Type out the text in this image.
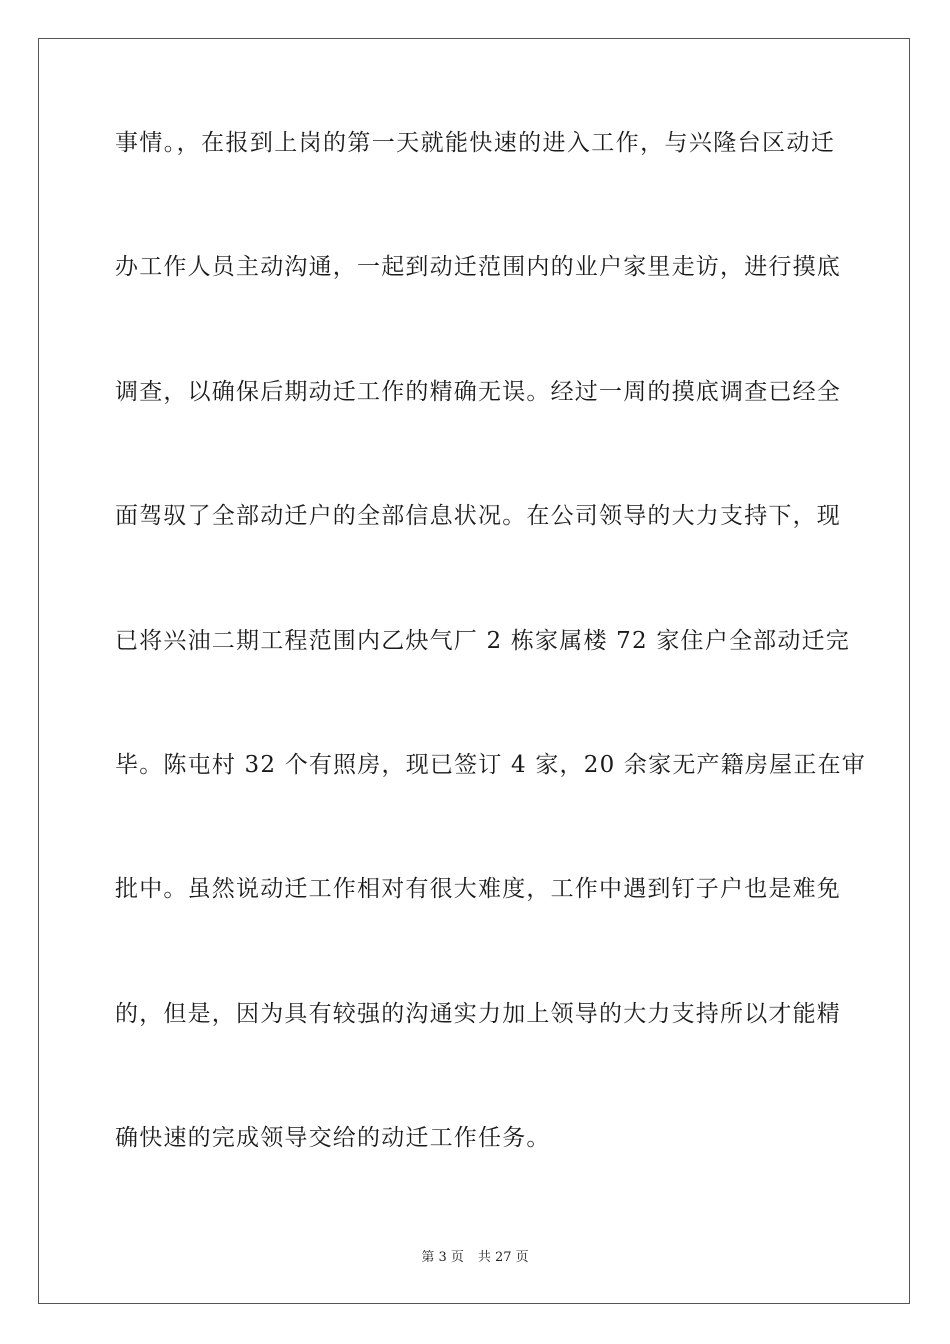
事情。，在报到上岗的第一天就能快速的进入工作，与兴隆台区动迁
办工作人员主动沟通，一起到动迁范围内的业户家里走访，进行摸底
调查，以确保后期动迁工作的精确无误。经过一周的摸底调查已经全
面驾驭了全部动迁户的全部信息状况。在公司领导的大力支持下，现
已将兴油二期工程范围内乙炔气厂 2 栋家属楼 72 家住户全部动迁完
毕。陈屯村 32 个有照房，现已签订 4 家，20 余家无产籍房屋正在审
批中。虽然说动迁工作相对有很大难度，工作中遇到钉子户也是难免
的，但是，因为具有较强的沟通实力加上领导的大力支持所以才能精
确快速的完成领导交给的动迁工作任务。
第 3 页 共 27 页
